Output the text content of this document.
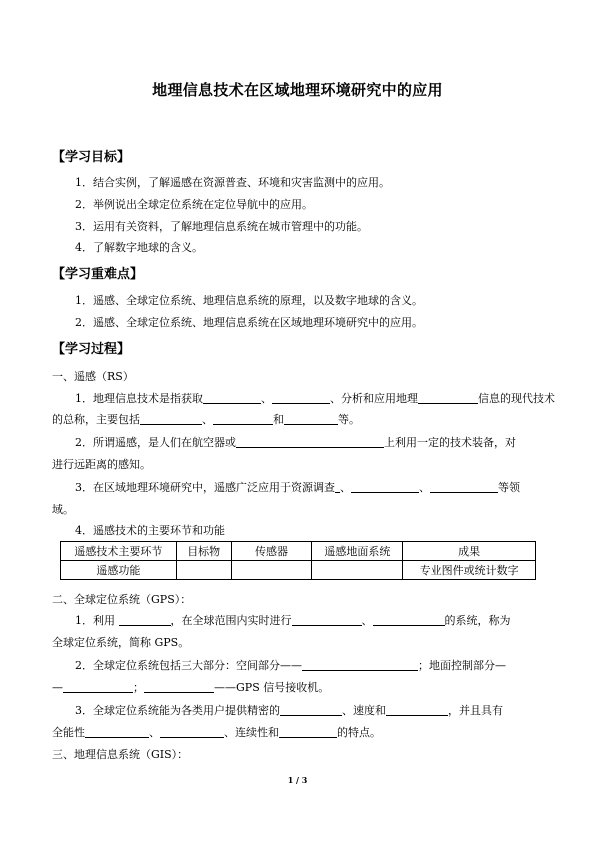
地理信息技术在区域地理环境研究中的应用
【学习目标】
1．结合实例，了解遥感在资源普查、环境和灾害监测中的应用。
2．举例说出全球定位系统在定位导航中的应用。
3．运用有关资料，了解地理信息系统在城市管理中的功能。
4．了解数字地球的含义。
【学习重难点】
1．遥感、全球定位系统、地理信息系统的原理，以及数字地球的含义。
2．遥感、全球定位系统、地理信息系统在区域地理环境研究中的应用。
【学习过程】
一、遥感（RS）
1．地理信息技术是指获取	、	、分析和应用地理	信息的现代技术
的总称，主要包括	、	和	等。
2．所谓遥感，是人们在航空器或	上利用一定的技术装备，对
进行远距离的感知。
3．在区域地理环境研究中，遥感广泛应用于资源调查 、	、	等领
域。
4．遥感技术的主要环节和功能
遥感技术主要环节	目标物	传感器	遥感地面系统	成果
遥感功能				专业图件或统计数字
二、全球定位系统（GPS）：
1．利用	，在全球范围内实时进行	、	的系统，称为
全球定位系统，简称 GPS。
2．全球定位系统包括三大部分：空间部分——	；地面控制部分—
—	；	——GPS 信号接收机。
3．全球定位系统能为各类用户提供精密的	、速度和	，并且具有
全能性	、	、连续性和	的特点。
三、地理信息系统（GIS）：
1 / 3
